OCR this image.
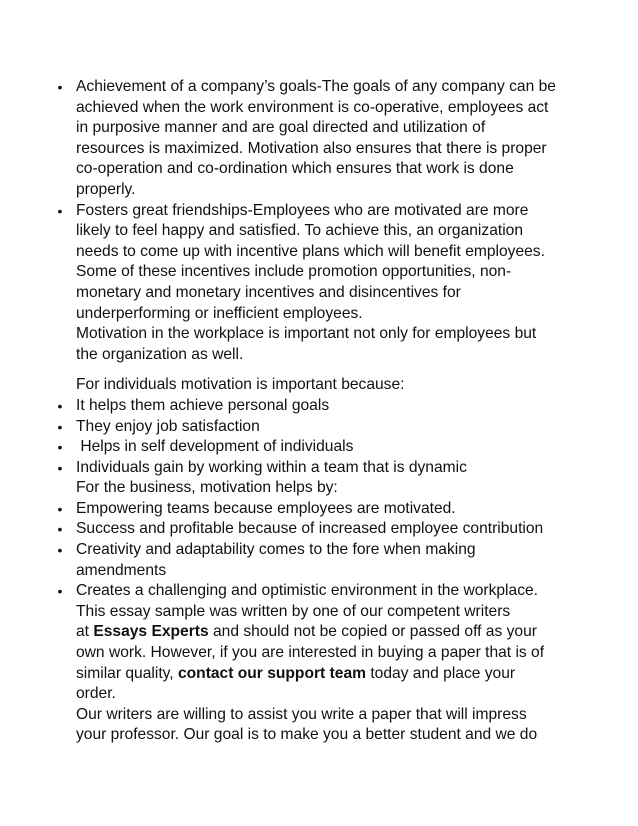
• Achievement of a company’s goals-The goals of any company can be
achieved when the work environment is co-operative, employees act
in purposive manner and are goal directed and utilization of
resources is maximized. Motivation also ensures that there is proper
co-operation and co-ordination which ensures that work is done
properly.
• Fosters great friendships-Employees who are motivated are more
likely to feel happy and satisfied. To achieve this, an organization
needs to come up with incentive plans which will benefit employees.
Some of these incentives include promotion opportunities, non-
monetary and monetary incentives and disincentives for
underperforming or inefficient employees.
Motivation in the workplace is important not only for employees but
the organization as well.
For individuals motivation is important because:
• It helps them achieve personal goals
• They enjoy job satisfaction
• Helps in self development of individuals
• Individuals gain by working within a team that is dynamic
For the business, motivation helps by:
• Empowering teams because employees are motivated.
• Success and profitable because of increased employee contribution
• Creativity and adaptability comes to the fore when making
amendments
• Creates a challenging and optimistic environment in the workplace.
This essay sample was written by one of our competent writers
at Essays Experts and should not be copied or passed off as your
own work. However, if you are interested in buying a paper that is of
similar quality, contact our support team today and place your
order.
Our writers are willing to assist you write a paper that will impress
your professor. Our goal is to make you a better student and we do
